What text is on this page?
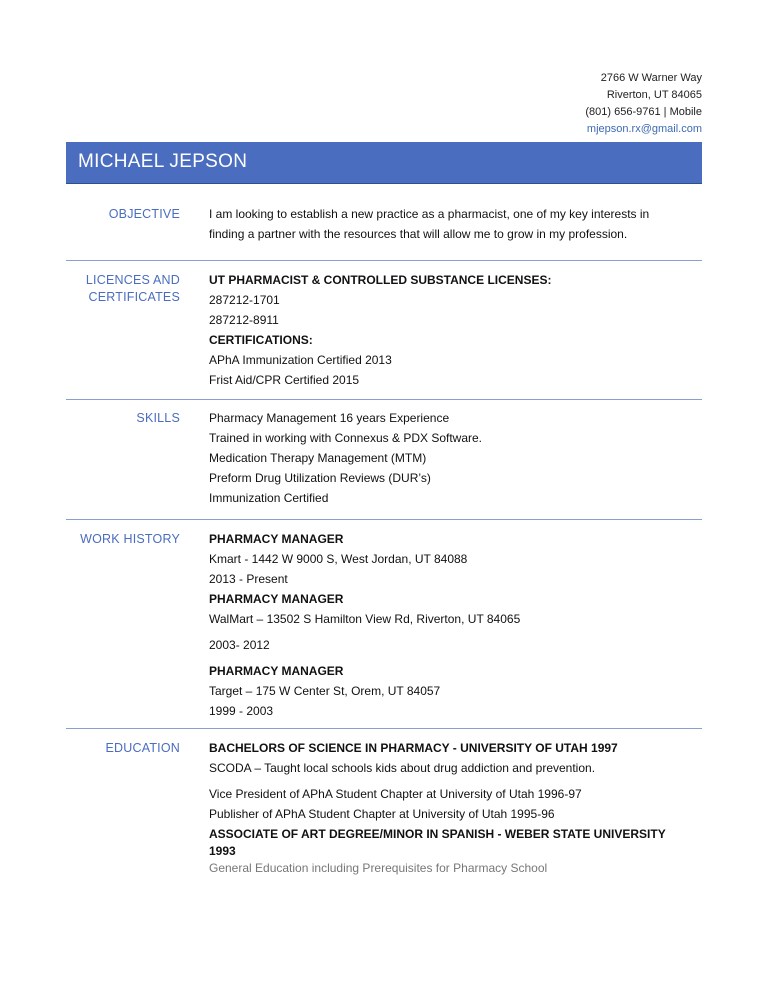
2766 W Warner Way
Riverton, UT 84065
(801) 656-9761 | Mobile
mjepson.rx@gmail.com
MICHAEL JEPSON
OBJECTIVE I am looking to establish a new practice as a pharmacist, one of my key interests in
finding a partner with the resources that will allow me to grow in my profession.
LICENCES AND
CERTIFICATES
UT PHARMACIST & CONTROLLED SUBSTANCE LICENSES:
287212-1701
287212-8911
CERTIFICATIONS:
APhA Immunization Certified 2013
Frist Aid/CPR Certified 2015
SKILLS Pharmacy Management 16 years Experience
Trained in working with Connexus & PDX Software.
Medication Therapy Management (MTM)
Preform Drug Utilization Reviews (DUR’s)
Immunization Certified
WORK HISTORY PHARMACY MANAGER
Kmart - 1442 W 9000 S, West Jordan, UT 84088
2013 - Present
PHARMACY MANAGER
WalMart – 13502 S Hamilton View Rd, Riverton, UT 84065
2003- 2012
PHARMACY MANAGER
Target – 175 W Center St, Orem, UT 84057
1999 - 2003
EDUCATION BACHELORS OF SCIENCE IN PHARMACY - UNIVERSITY OF UTAH 1997
SCODA – Taught local schools kids about drug addiction and prevention.
Vice President of APhA Student Chapter at University of Utah 1996-97
Publisher of APhA Student Chapter at University of Utah 1995-96
ASSOCIATE OF ART DEGREE/MINOR IN SPANISH - WEBER STATE UNIVERSITY
1993
General Education including Prerequisites for Pharmacy School
